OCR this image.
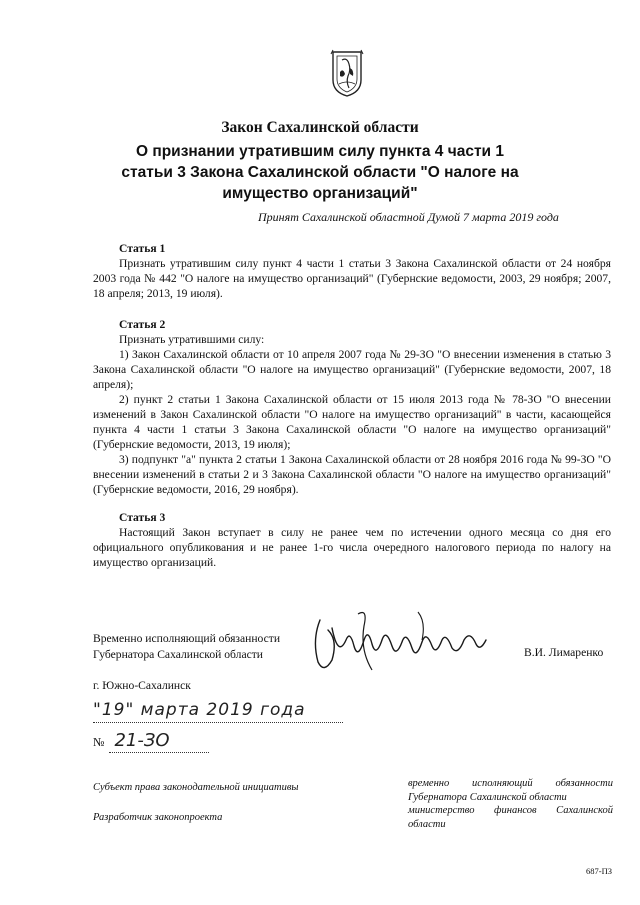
Закон Сахалинской области
О признании утратившим силу пункта 4 части 1
статьи 3 Закона Сахалинской области "О налоге на
имущество организаций"
Принят Сахалинской областной Думой 7 марта 2019 года
Статья 1
Признать утратившим силу пункт 4 части 1 статьи 3 Закона Сахалинской области от 24 ноября 2003 года № 442 "О налоге на имущество организаций" (Губернские ведомости, 2003, 29 ноября; 2007, 18 апреля; 2013, 19 июля).
Статья 2
Признать утратившими силу:
1) Закон Сахалинской области от 10 апреля 2007 года № 29-ЗО "О внесении изменения в статью 3 Закона Сахалинской области "О налоге на имущество организаций" (Губернские ведомости, 2007, 18 апреля);
2) пункт 2 статьи 1 Закона Сахалинской области от 15 июля 2013 года № 78-ЗО "О внесении изменений в Закон Сахалинской области "О налоге на имущество организаций" в части, касающейся пункта 4 части 1 статьи 3 Закона Сахалинской области "О налоге на имущество организаций" (Губернские ведомости, 2013, 19 июля);
3) подпункт "а" пункта 2 статьи 1 Закона Сахалинской области от 28 ноября 2016 года № 99-ЗО "О внесении изменений в статьи 2 и 3 Закона Сахалинской области "О налоге на имущество организаций" (Губернские ведомости, 2016, 29 ноября).
Статья 3
Настоящий Закон вступает в силу не ранее чем по истечении одного месяца со дня его официального опубликования и не ранее 1-го числа очередного налогового периода по налогу на имущество организаций.
Временно исполняющий обязанности
Губернатора Сахалинской области	В.И. Лимаренко
г. Южно-Сахалинск
"19" марта 2019 года
№ 21-ЗО
Субъект права законодательной инициативы
Разработчик законопроекта
временно исполняющий обязанности Губернатора Сахалинской области
министерство финансов Сахалинской области
687-ПЗ
